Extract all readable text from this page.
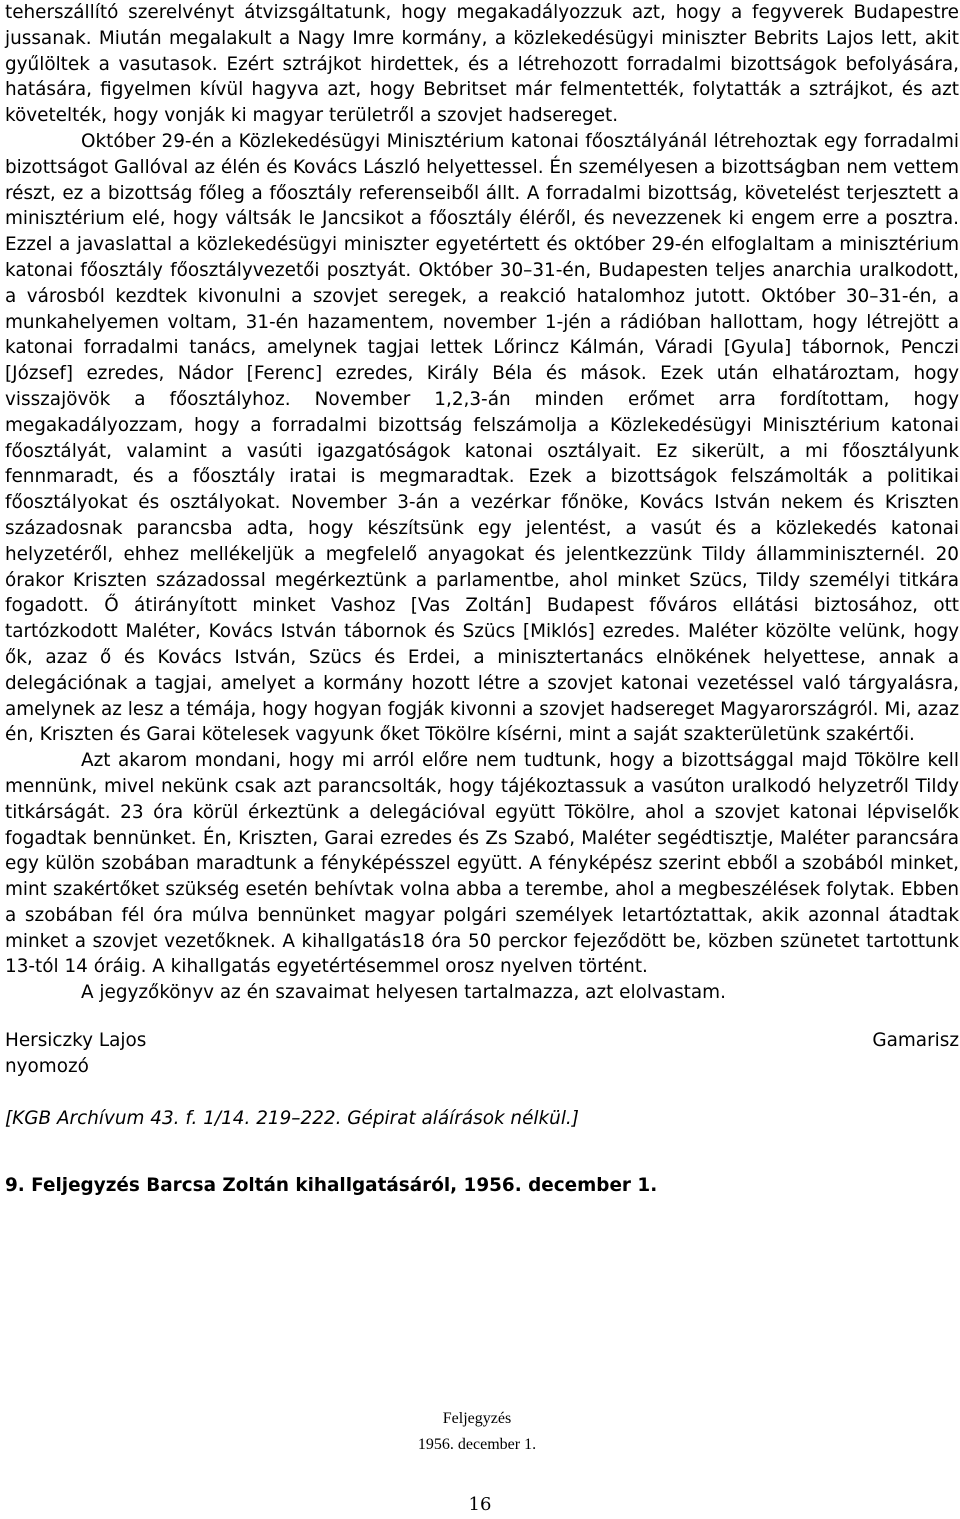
teherszállító szerelvényt átvizsgáltatunk, hogy megakadályozzuk azt, hogy a fegyverek Budapestre jussanak. Miután megalakult a Nagy Imre kormány, a közlekedésügyi miniszter Bebrits Lajos lett, akit gyűlöltek a vasutasok. Ezért sztrájkot hirdettek, és a létrehozott forradalmi bizottságok befolyására, hatására, figyelmen kívül hagyva azt, hogy Bebritset már felmentették, folytatták a sztrájkot, és azt követelték, hogy vonják ki magyar területről a szovjet hadsereget.

Október 29-én a Közlekedésügyi Minisztérium katonai főosztályánál létrehoztak egy forradalmi bizottságot Gallóval az élén és Kovács László helyettessel. Én személyesen a bizottságban nem vettem részt, ez a bizottság főleg a főosztály referenseiből állt. A forradalmi bizottság, követelést terjesztett a minisztérium elé, hogy váltsák le Jancsikot a főosztály éléről, és nevezzenek ki engem erre a posztra. Ezzel a javaslattal a közlekedésügyi miniszter egyetértett és október 29-én elfoglaltam a minisztérium katonai főosztály főosztályvezetői posztyát. Október 30–31-én, Budapesten teljes anarchia uralkodott, a városból kezdtek kivonulni a szovjet seregek, a reakció hatalomhoz jutott. Október 30–31-én, a munkahelyemen voltam, 31-én hazamentem, november 1-jén a rádióban hallottam, hogy létrejött a katonai forradalmi tanács, amelynek tagjai lettek Lőrincz Kálmán, Váradi [Gyula] tábornok, Penczi [József] ezredes, Nádor [Ferenc] ezredes, Király Béla és mások. Ezek után elhatároztam, hogy visszajövök a főosztályhoz. November 1,2,3-án minden erőmet arra fordítottam, hogy megakadályozzam, hogy a forradalmi bizottság felszámolja a Közlekedésügyi Minisztérium katonai főosztályát, valamint a vasúti igazgatóságok katonai osztályait. Ez sikerült, a mi főosztályunk fennmaradt, és a főosztály iratai is megmaradtak. Ezek a bizottságok felszámolták a politikai főosztályokat és osztályokat. November 3-án a vezérkar főnöke, Kovács István nekem és Kriszten századosnak parancsba adta, hogy készítsünk egy jelentést, a vasút és a közlekedés katonai helyzetéről, ehhez mellékeljük a megfelelő anyagokat és jelentkezzünk Tildy államminiszternél. 20 órakor Kriszten századossal megérkeztünk a parlamentbe, ahol minket Szücs, Tildy személyi titkára fogadott. Ő átirányított minket Vashoz [Vas Zoltán] Budapest főváros ellátási biztosához, ott tartózkodott Maléter, Kovács István tábornok és Szücs [Miklós] ezredes. Maléter közölte velünk, hogy ők, azaz ő és Kovács István, Szücs és Erdei, a minisztertanács elnökének helyettese, annak a delegációnak a tagjai, amelyet a kormány hozott létre a szovjet katonai vezetéssel való tárgyalásra, amelynek az lesz a témája, hogy hogyan fogják kivonni a szovjet hadsereget Magyarországról. Mi, azaz én, Kriszten és Garai kötelesek vagyunk őket Tökölre kísérni, mint a saját szakterületünk szakértői.

Azt akarom mondani, hogy mi arról előre nem tudtunk, hogy a bizottsággal majd Tökölre kell mennünk, mivel nekünk csak azt parancsolták, hogy tájékoztassuk a vasúton uralkodó helyzetről Tildy titkárságát. 23 óra körül érkeztünk a delegációval együtt Tökölre, ahol a szovjet katonai lépviselők fogadtak bennünket. Én, Kriszten, Garai ezredes és Zs Szabó, Maléter segédtisztje, Maléter parancsára egy külön szobában maradtunk a fényképésszel együtt. A fényképész szerint ebből a szobából minket, mint szakértőket szükség esetén behívtak volna abba a terembe, ahol a megbeszélések folytak. Ebben a szobában fél óra múlva bennünket magyar polgári személyek letartóztattak, akik azonnal átadtak minket a szovjet vezetőknek. A kihallgatás18 óra 50 perckor fejeződött be, közben szünetet tartottunk 13-tól 14 óráig. A kihallgatás egyetértésemmel orosz nyelven történt.

A jegyzőkönyv az én szavaimat helyesen tartalmazza, azt elolvastam.

Hersiczky Lajos
nyomozó
Gamarisz
[KGB Archívum 43. f. 1/14. 219–222. Gépirat aláírások nélkül.]
9. Feljegyzés Barcsa Zoltán kihallgatásáról, 1956. december 1.
Feljegyzés
1956. december 1.
16
